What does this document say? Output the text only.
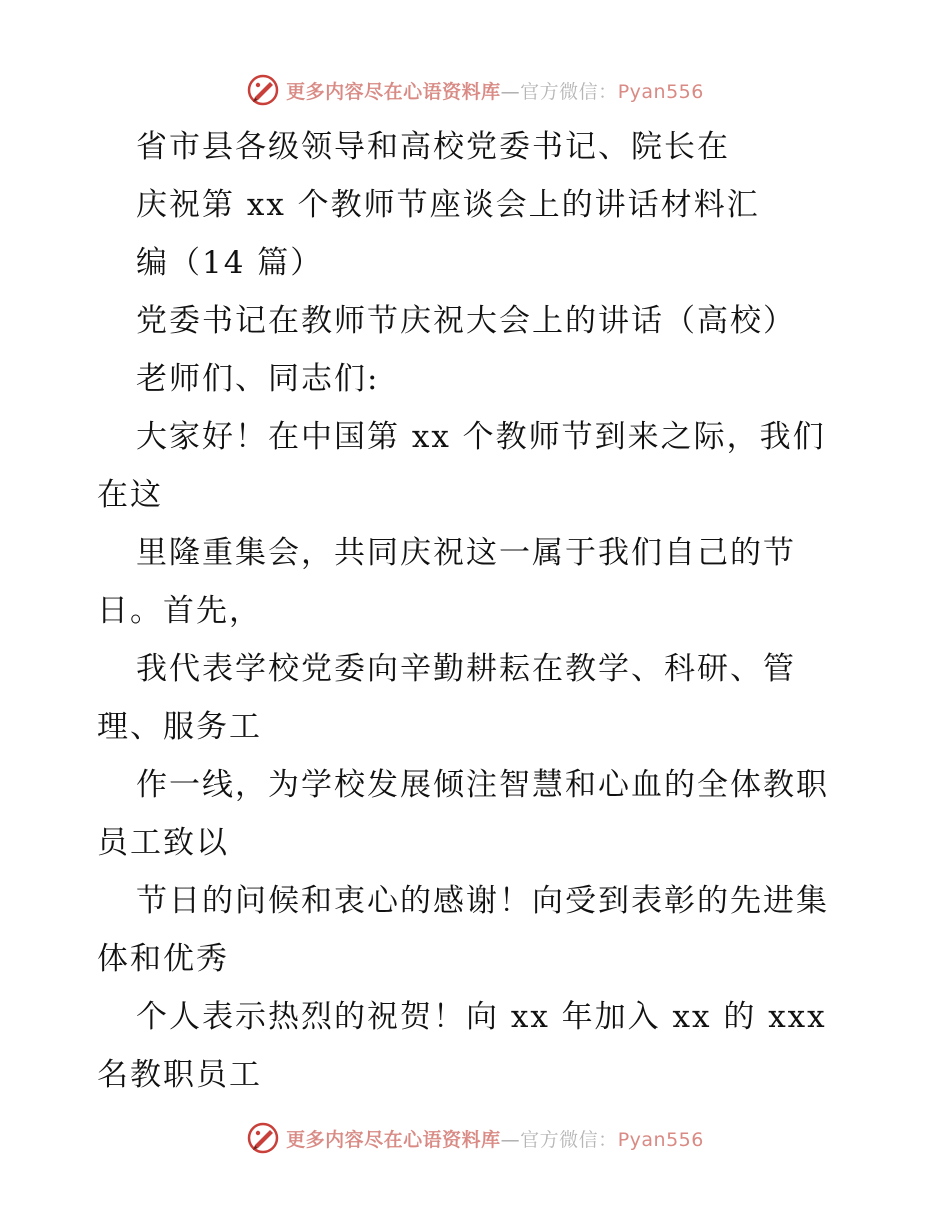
更多内容尽在心语资料库—官方微信：Pyan556
省市县各级领导和高校党委书记、院长在
庆祝第 xx 个教师节座谈会上的讲话材料汇
编（14 篇）
党委书记在教师节庆祝大会上的讲话（高校）
老师们、同志们:
大家好！在中国第 xx 个教师节到来之际，我们
在这
里隆重集会，共同庆祝这一属于我们自己的节
日。首先，
我代表学校党委向辛勤耕耘在教学、科研、管
理、服务工
作一线，为学校发展倾注智慧和心血的全体教职
员工致以
节日的问候和衷心的感谢！向受到表彰的先进集
体和优秀
个人表示热烈的祝贺！向 xx 年加入 xx 的 xxx
名教职员工
更多内容尽在心语资料库—官方微信：Pyan556
